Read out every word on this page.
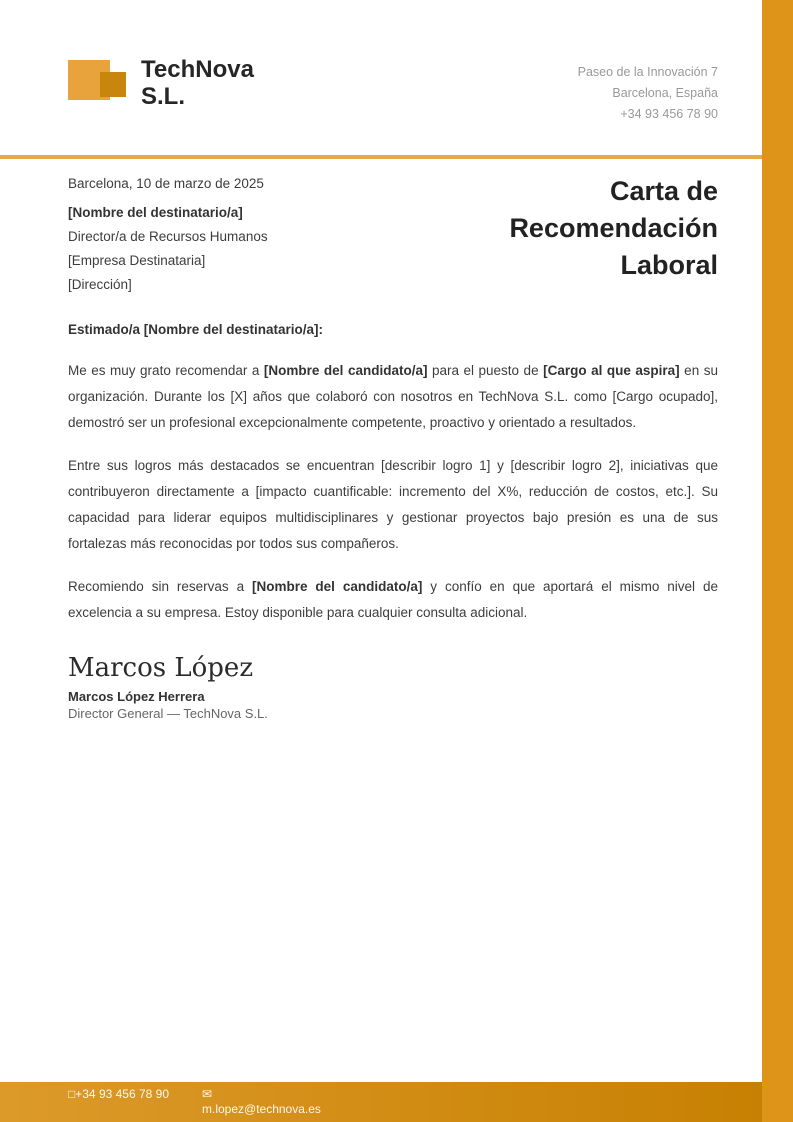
TechNova
S.L.
Paseo de la Innovación 7
Barcelona, España
+34 93 456 78 90
Barcelona, 10 de marzo de 2025
[Nombre del destinatario/a]
Director/a de Recursos Humanos
[Empresa Destinataria]
[Dirección]
Carta de Recomendación Laboral
Estimado/a [Nombre del destinatario/a]:

Me es muy grato recomendar a [Nombre del candidato/a] para el puesto de [Cargo al que aspira] en su organización. Durante los [X] años que colaboró con nosotros en TechNova S.L. como [Cargo ocupado], demostró ser un profesional excepcionalmente competente, proactivo y orientado a resultados.

Entre sus logros más destacados se encuentran [describir logro 1] y [describir logro 2], iniciativas que contribuyeron directamente a [impacto cuantificable: incremento del X%, reducción de costos, etc.]. Su capacidad para liderar equipos multidisciplinares y gestionar proyectos bajo presión es una de sus fortalezas más reconocidas por todos sus compañeros.

Recomiendo sin reservas a [Nombre del candidato/a] y confío en que aportará el mismo nivel de excelencia a su empresa. Estoy disponible para cualquier consulta adicional.

Marcos López
Marcos López Herrera
Director General — TechNova S.L.
□+34 93 456 78 90	✉
m.lopez@technova.es
